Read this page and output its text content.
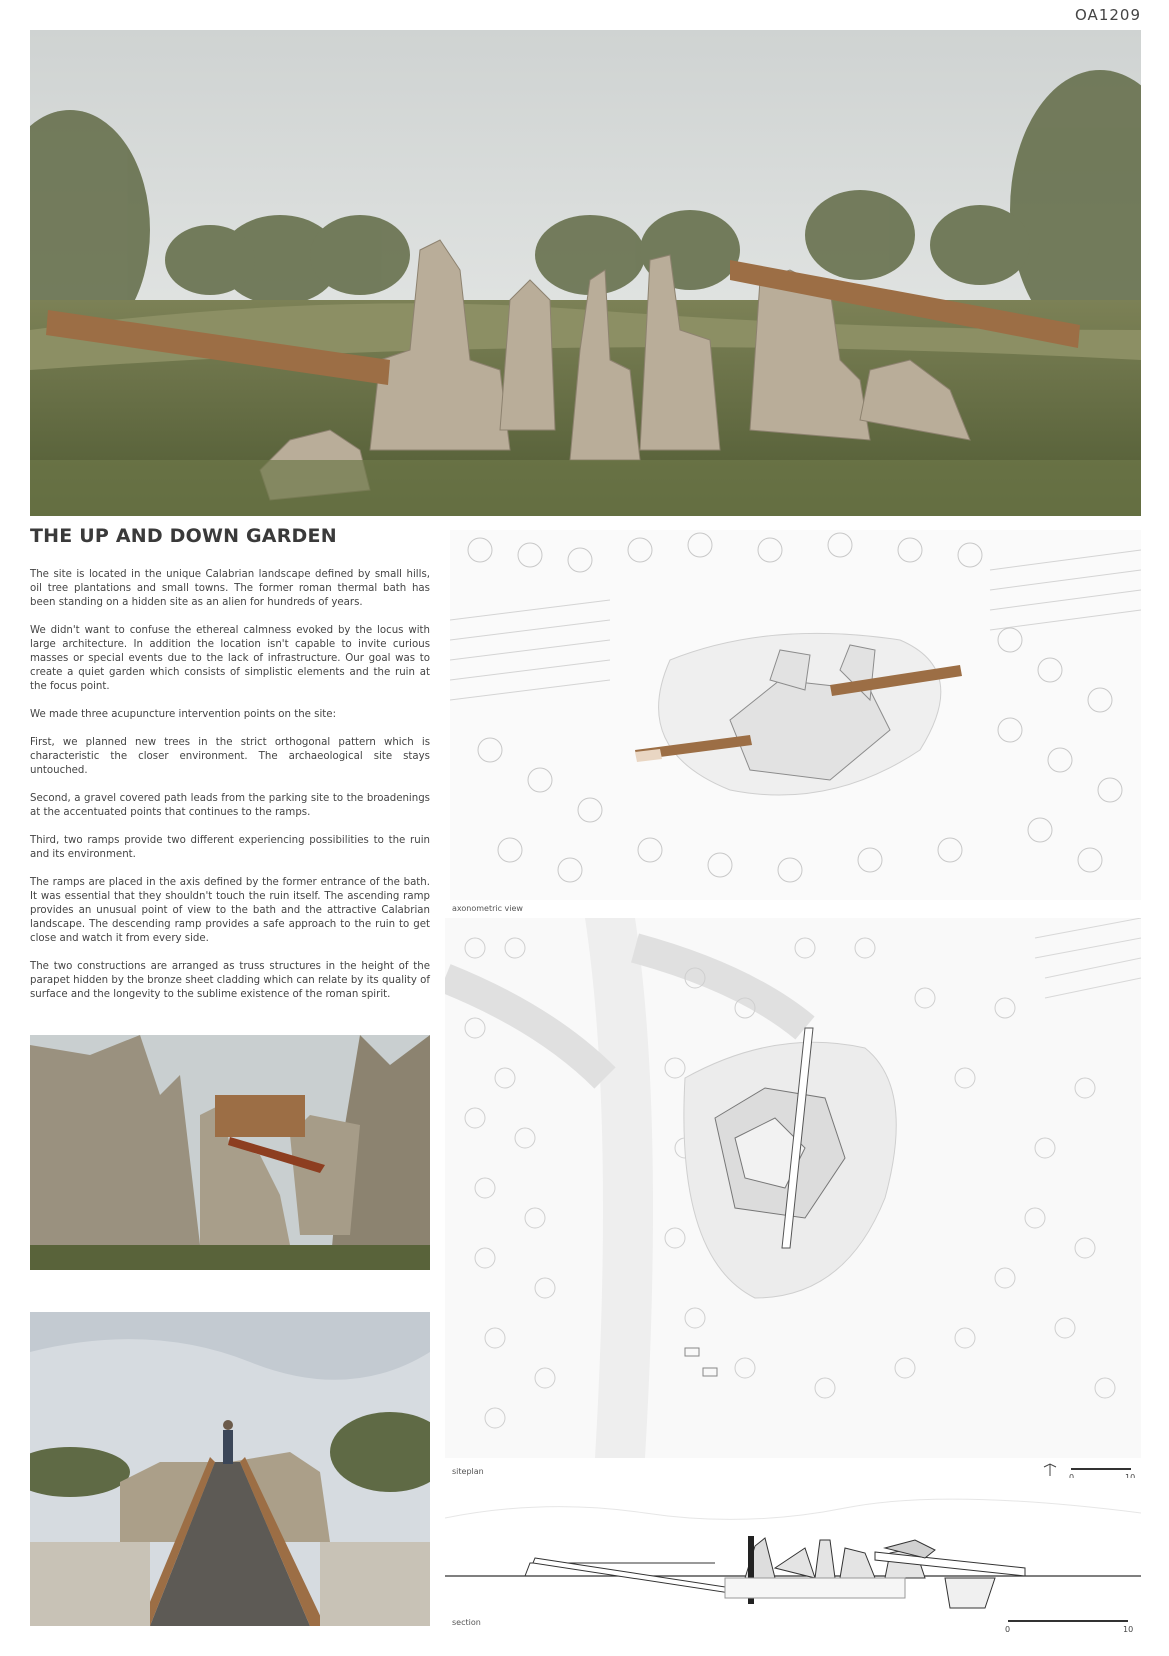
OA1209
THE UP AND DOWN GARDEN

The site is located in the unique Calabrian landscape defined by small hills, oil tree plantations and small towns. The former roman thermal bath has been standing on a hidden site as an alien for hundreds of years.

We didn't want to confuse the ethereal calmness evoked by the locus with large architecture. In addition the location isn't capable to invite curious masses or special events due to the lack of infrastructure. Our goal was to create a quiet garden which consists of simplistic elements and the ruin at the focus point.

We made three acupuncture intervention points on the site:

First, we planned new trees in the strict orthogonal pattern which is characteristic the closer environment. The archaeological site stays untouched.

Second, a gravel covered path leads from the parking site to the broadenings at the accentuated points that continues to the ramps.

Third, two ramps provide two different experiencing possibilities to the ruin and its environment.

The ramps are placed in the axis defined by the former entrance of the bath. It was essential that they shouldn't touch the ruin itself. The ascending ramp provides an unusual point of view to the bath and the attractive Calabrian landscape. The descending ramp provides a safe approach to the ruin to get close and watch it from every side.

The two constructions are arranged as truss structures in the height of the parapet hidden by the bronze sheet cladding which can relate by its quality of surface and the longevity to the sublime existence of the roman spirit.

axonometric view
siteplan
section
0	10
